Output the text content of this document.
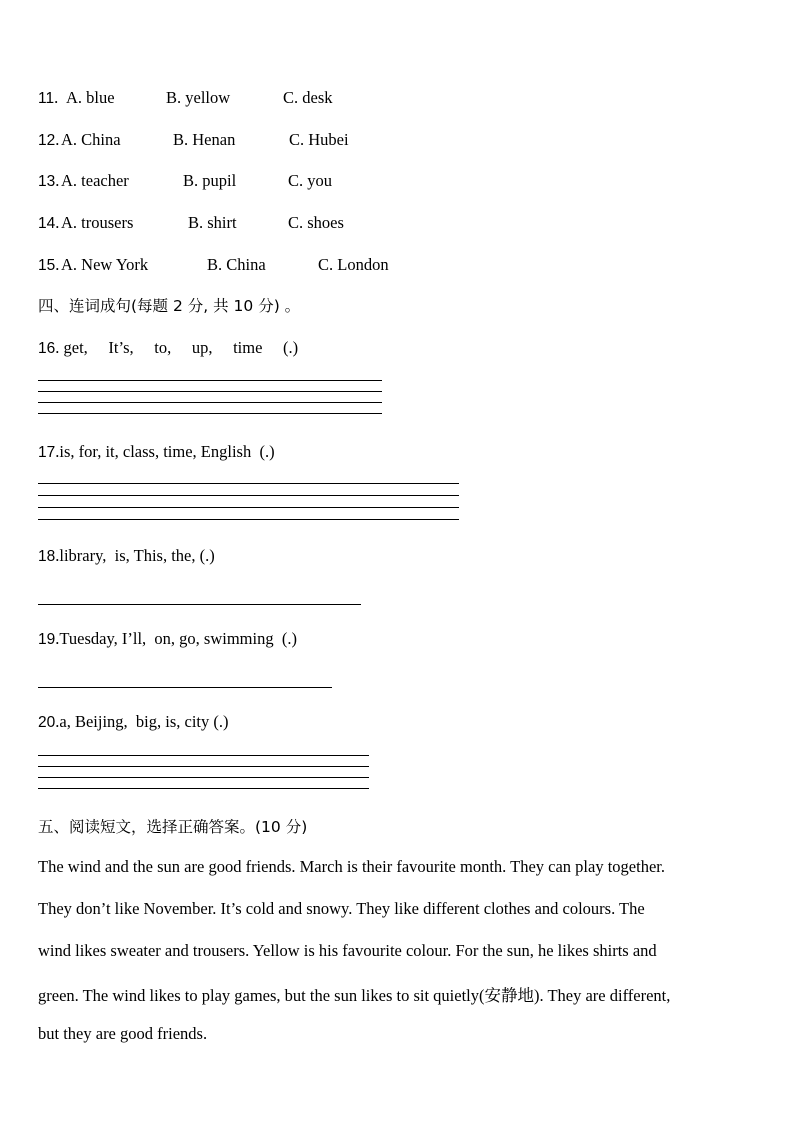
11. A. blue	B. yellow	C. desk
12. A. China	B. Henan	C. Hubei
13. A. teacher	B. pupil	C. you
14. A. trousers	B. shirt	C. shoes
15. A. New York	B. China	C. London
四、连词成句(每题 2 分, 共 10 分) 。
16. get,     It’s,     to,     up,     time     (.)
17.is, for, it, class, time, English  (.)
18.library,  is, This, the, (.)
19.Tuesday, I’ll,  on, go, swimming  (.)
20.a, Beijing,  big, is, city (.)
五、阅读短文，选择正确答案。(10 分)
The wind and the sun are good friends. March is their favourite month. They can play together.
They don’t like November. It’s cold and snowy. They like different clothes and colours. The
wind likes sweater and trousers. Yellow is his favourite colour. For the sun, he likes shirts and
green. The wind likes to play games, but the sun likes to sit quietly(安静地). They are different,
but they are good friends.
